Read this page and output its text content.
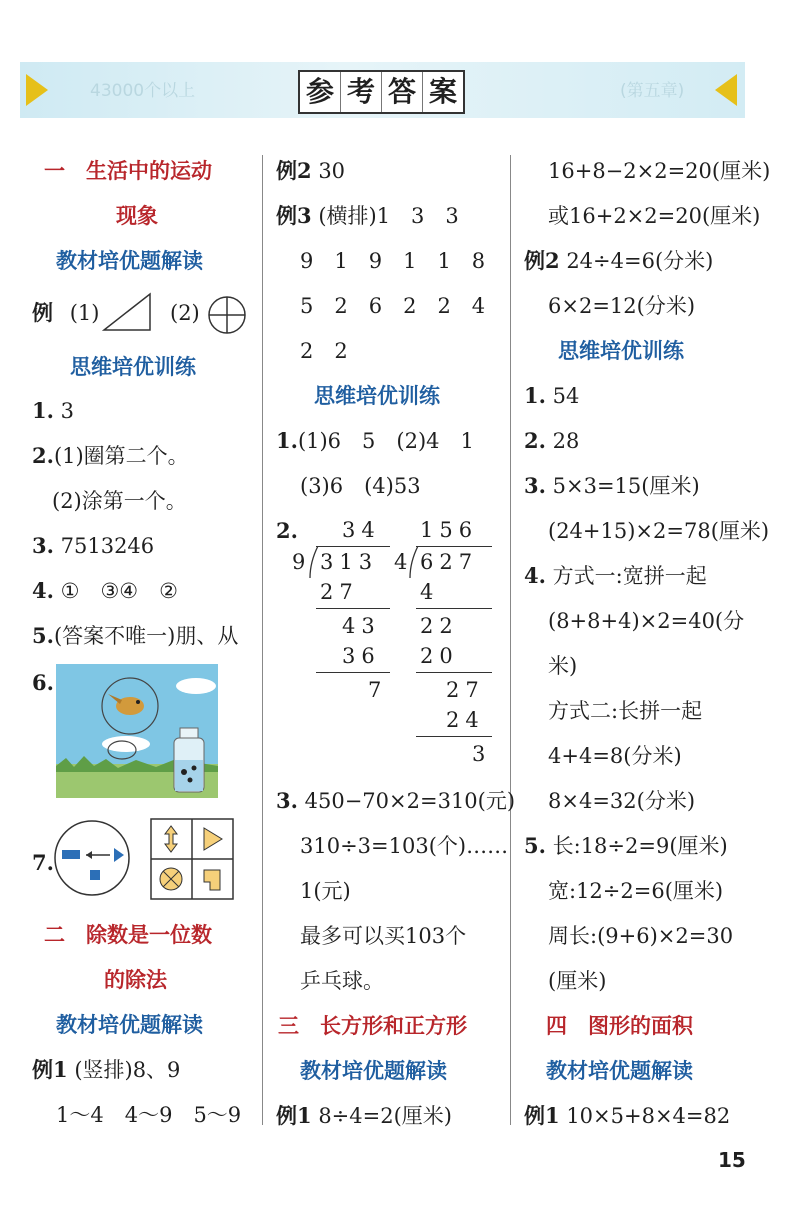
43000个以上	(第五章)
参 考 答 案
一　生活中的运动
现象
教材培优题解读
例 (1)	(2)
思维培优训练
1. 3
2.(1)圈第二个。
(2)涂第一个。
3. 7513246
4. ①　③④　②
5.(答案不唯一)朋、从
6.
7.
二　除数是一位数
的除法
教材培优题解读
例1 (竖排)8、9
1～4　4～9　5～9
例2 30
例3 (横排)1　3　3
9　1　9　1　1　8
5　2　6　2　2　4
2　2
思维培优训练
1.(1)6　5　(2)4　1
(3)6　(4)53
2. 34
9 313
27
43
36
7
156
4 627
4
22
20
27
24
3
3. 450−70×2=310(元)
310÷3=103(个)……
1(元)
最多可以买103个
乒乓球。
三　长方形和正方形
教材培优题解读
例1 8÷4=2(厘米)
16+8−2×2=20(厘米)
或16+2×2=20(厘米)
例2 24÷4=6(分米)
6×2=12(分米)
思维培优训练
1. 54
2. 28
3. 5×3=15(厘米)
(24+15)×2=78(厘米)
4. 方式一:宽拼一起
(8+8+4)×2=40(分
米)
方式二:长拼一起
4+4=8(分米)
8×4=32(分米)
5. 长:18÷2=9(厘米)
宽:12÷2=6(厘米)
周长:(9+6)×2=30
(厘米)
四　图形的面积
教材培优题解读
例1 10×5+8×4=82
15
